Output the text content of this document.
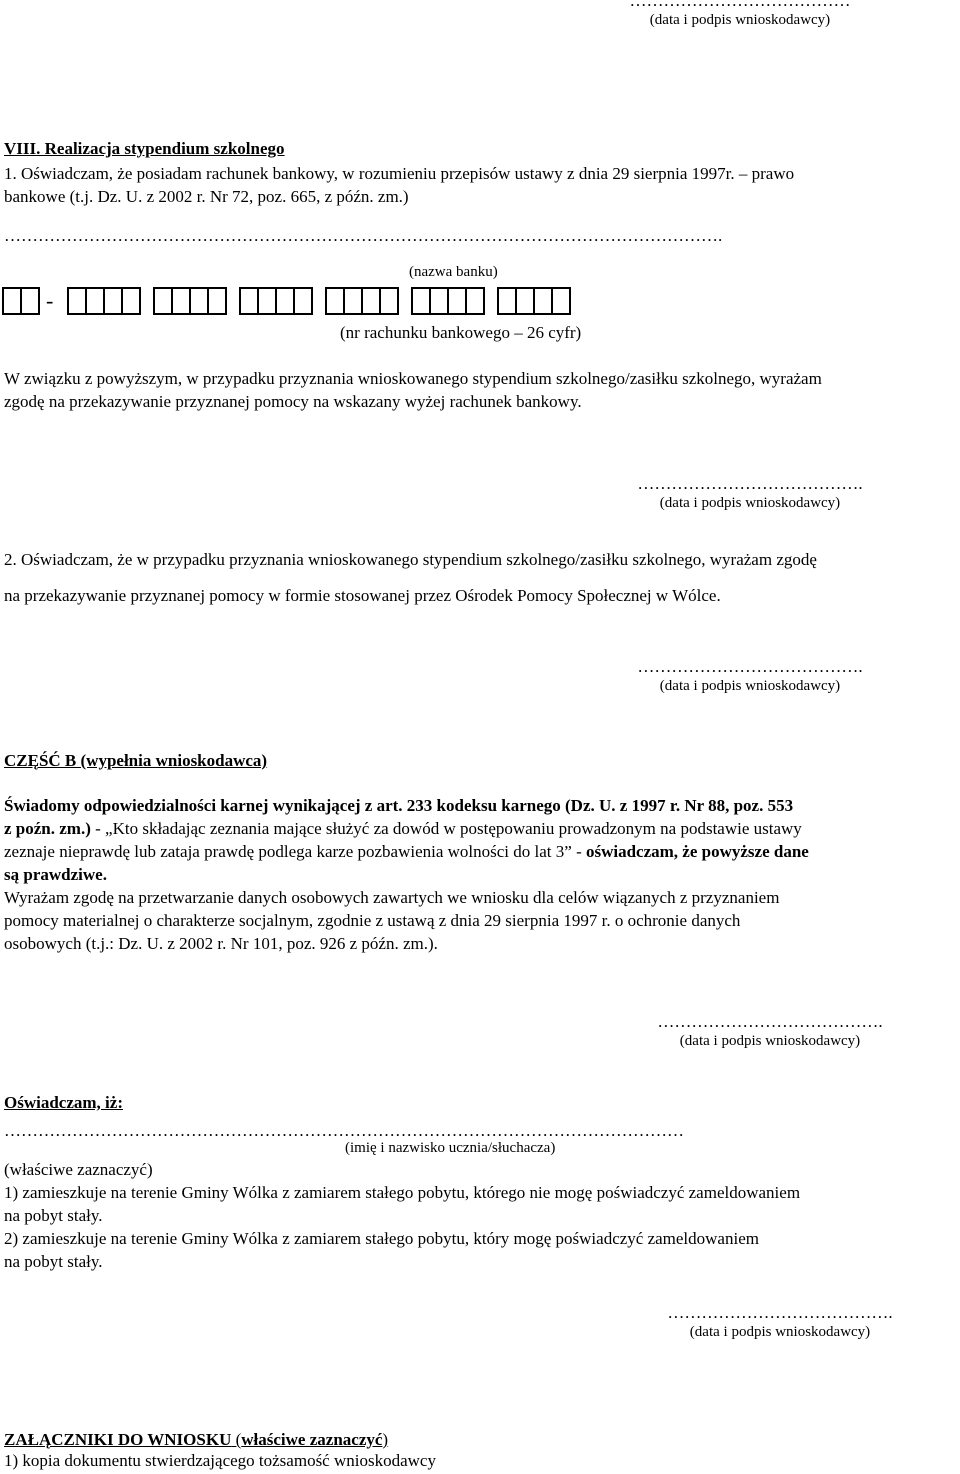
…………………………………
(data i podpis wnioskodawcy)
VIII. Realizacja stypendium szkolnego
1. Oświadczam, że posiadam rachunek bankowy, w rozumieniu przepisów ustawy z dnia 29 sierpnia 1997r. – prawo
bankowe (t.j. Dz. U. z 2002 r. Nr 72, poz. 665, z późn. zm.)
……………………………………………………………………………………………………………….
(nazwa banku)
-
(nr rachunku bankowego – 26 cyfr)
W związku z powyższym, w przypadku przyznania wnioskowanego stypendium szkolnego/zasiłku szkolnego, wyrażam
zgodę na przekazywanie przyznanej pomocy na wskazany wyżej rachunek bankowy.
………………………………….
(data i podpis wnioskodawcy)
2. Oświadczam, że w przypadku przyznania wnioskowanego stypendium szkolnego/zasiłku szkolnego, wyrażam zgodę
na przekazywanie przyznanej pomocy w formie stosowanej przez Ośrodek Pomocy Społecznej w Wólce.
………………………………….
(data i podpis wnioskodawcy)
CZĘŚĆ B (wypełnia wnioskodawca)
Świadomy odpowiedzialności karnej wynikającej z art. 233 kodeksu karnego (Dz. U. z 1997 r. Nr 88, poz. 553
z poźn. zm.) - „Kto składając zeznania mające służyć za dowód w postępowaniu prowadzonym na podstawie ustawy
zeznaje nieprawdę lub zataja prawdę podlega karze pozbawienia wolności do lat 3” - oświadczam, że powyższe dane
są prawdziwe.
Wyrażam zgodę na przetwarzanie danych osobowych zawartych we wniosku dla celów wiązanych z przyznaniem
pomocy materialnej o charakterze socjalnym, zgodnie z ustawą z dnia 29 sierpnia 1997 r. o ochronie danych
osobowych (t.j.: Dz. U. z 2002 r. Nr 101, poz. 926 z późn. zm.).
………………………………….
(data i podpis wnioskodawcy)
Oświadczam, iż:
…………………………………………………………………………………………………………
(imię i nazwisko ucznia/słuchacza)
(właściwe zaznaczyć)
1) zamieszkuje na terenie Gminy Wólka z zamiarem stałego pobytu, którego nie mogę poświadczyć zameldowaniem
na pobyt stały.
2) zamieszkuje na terenie Gminy Wólka z zamiarem stałego pobytu, który mogę poświadczyć zameldowaniem
na pobyt stały.
………………………………….
(data i podpis wnioskodawcy)
ZAŁĄCZNIKI DO WNIOSKU (właściwe zaznaczyć)
1) kopia dokumentu stwierdzającego tożsamość wnioskodawcy
